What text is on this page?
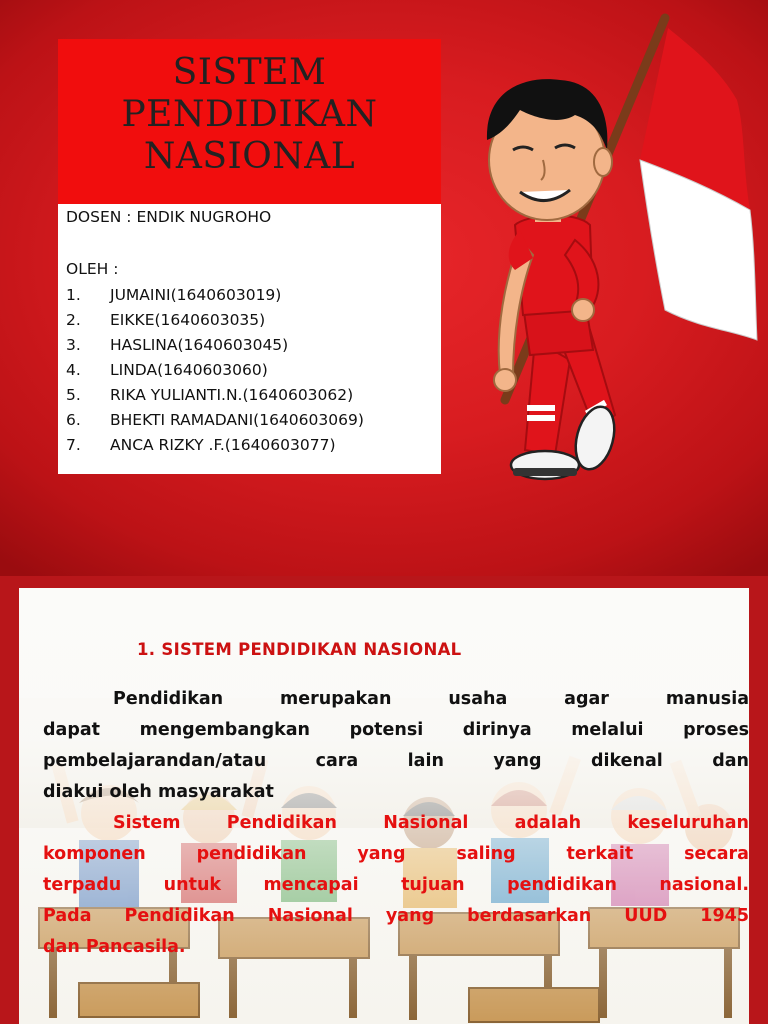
SISTEM
PENDIDIKAN
NASIONAL
DOSEN : ENDIK NUGROHO
OLEH :
1. JUMAINI(1640603019)
2. EIKKE(1640603035)
3. HASLINA(1640603045)
4. LINDA(1640603060)
5. RIKA YULIANTI.N.(1640603062)
6. BHEKTI RAMADANI(1640603069)
7. ANCA RIZKY .F.(1640603077)
1. SISTEM PENDIDIKAN NASIONAL
Pendidikan merupakan usaha agar manusia
dapat mengembangkan potensi dirinya melalui proses
pembelajarandan/atau cara lain yang dikenal dan
diakui oleh masyarakat
Sistem Pendidikan Nasional adalah keseluruhan
komponen pendidikan yang saling terkait secara
terpadu untuk mencapai tujuan pendidikan nasional.
Pada Pendidikan Nasional yang berdasarkan UUD 1945
dan Pancasila.
